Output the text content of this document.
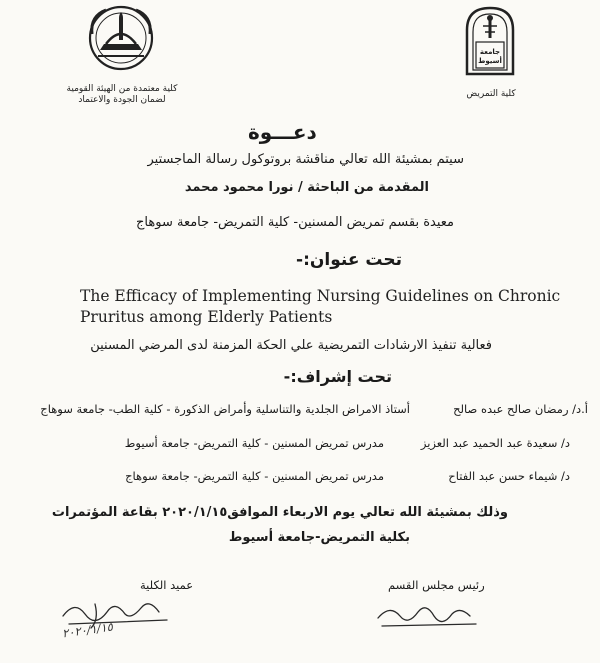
كلية معتمدة من الهيئة القومية
لضمان الجودة والاعتماد
جامعة أسيوط
كلية التمريض
دعـــوة
سيتم بمشيئة الله تعالي مناقشة بروتوكول رسالة الماجستير
المقدمة من الباحثة / نورا محمود محمد
معيدة بقسم تمريض المسنين- كلية التمريض- جامعة سوهاج
تحت عنوان:-
The Efficacy of Implementing Nursing Guidelines on Chronic
Pruritus among Elderly Patients
فعالية تنفيذ الارشادات التمريضية علي الحكة المزمنة لدى المرضي المسنين
تحت إشراف:-
أ.د/ رمضان صالح عبده صالح
أستاذ الامراض الجلدية والتناسلية وأمراض الذكورة - كلية الطب- جامعة سوهاج
د/ سعيدة عبد الحميد عبد العزيز
مدرس تمريض المسنين - كلية التمريض- جامعة أسيوط
د/ شيماء حسن عبد الفتاح
مدرس تمريض المسنين - كلية التمريض- جامعة سوهاج
وذلك بمشيئة الله تعالي يوم الاربعاء الموافق٢٠٢٠/١/١٥ بقاعة المؤتمرات
بكلية التمريض-جامعة أسيوط
عميد الكلية	رئيس مجلس القسم
٢٠٢٠/١/١٥
